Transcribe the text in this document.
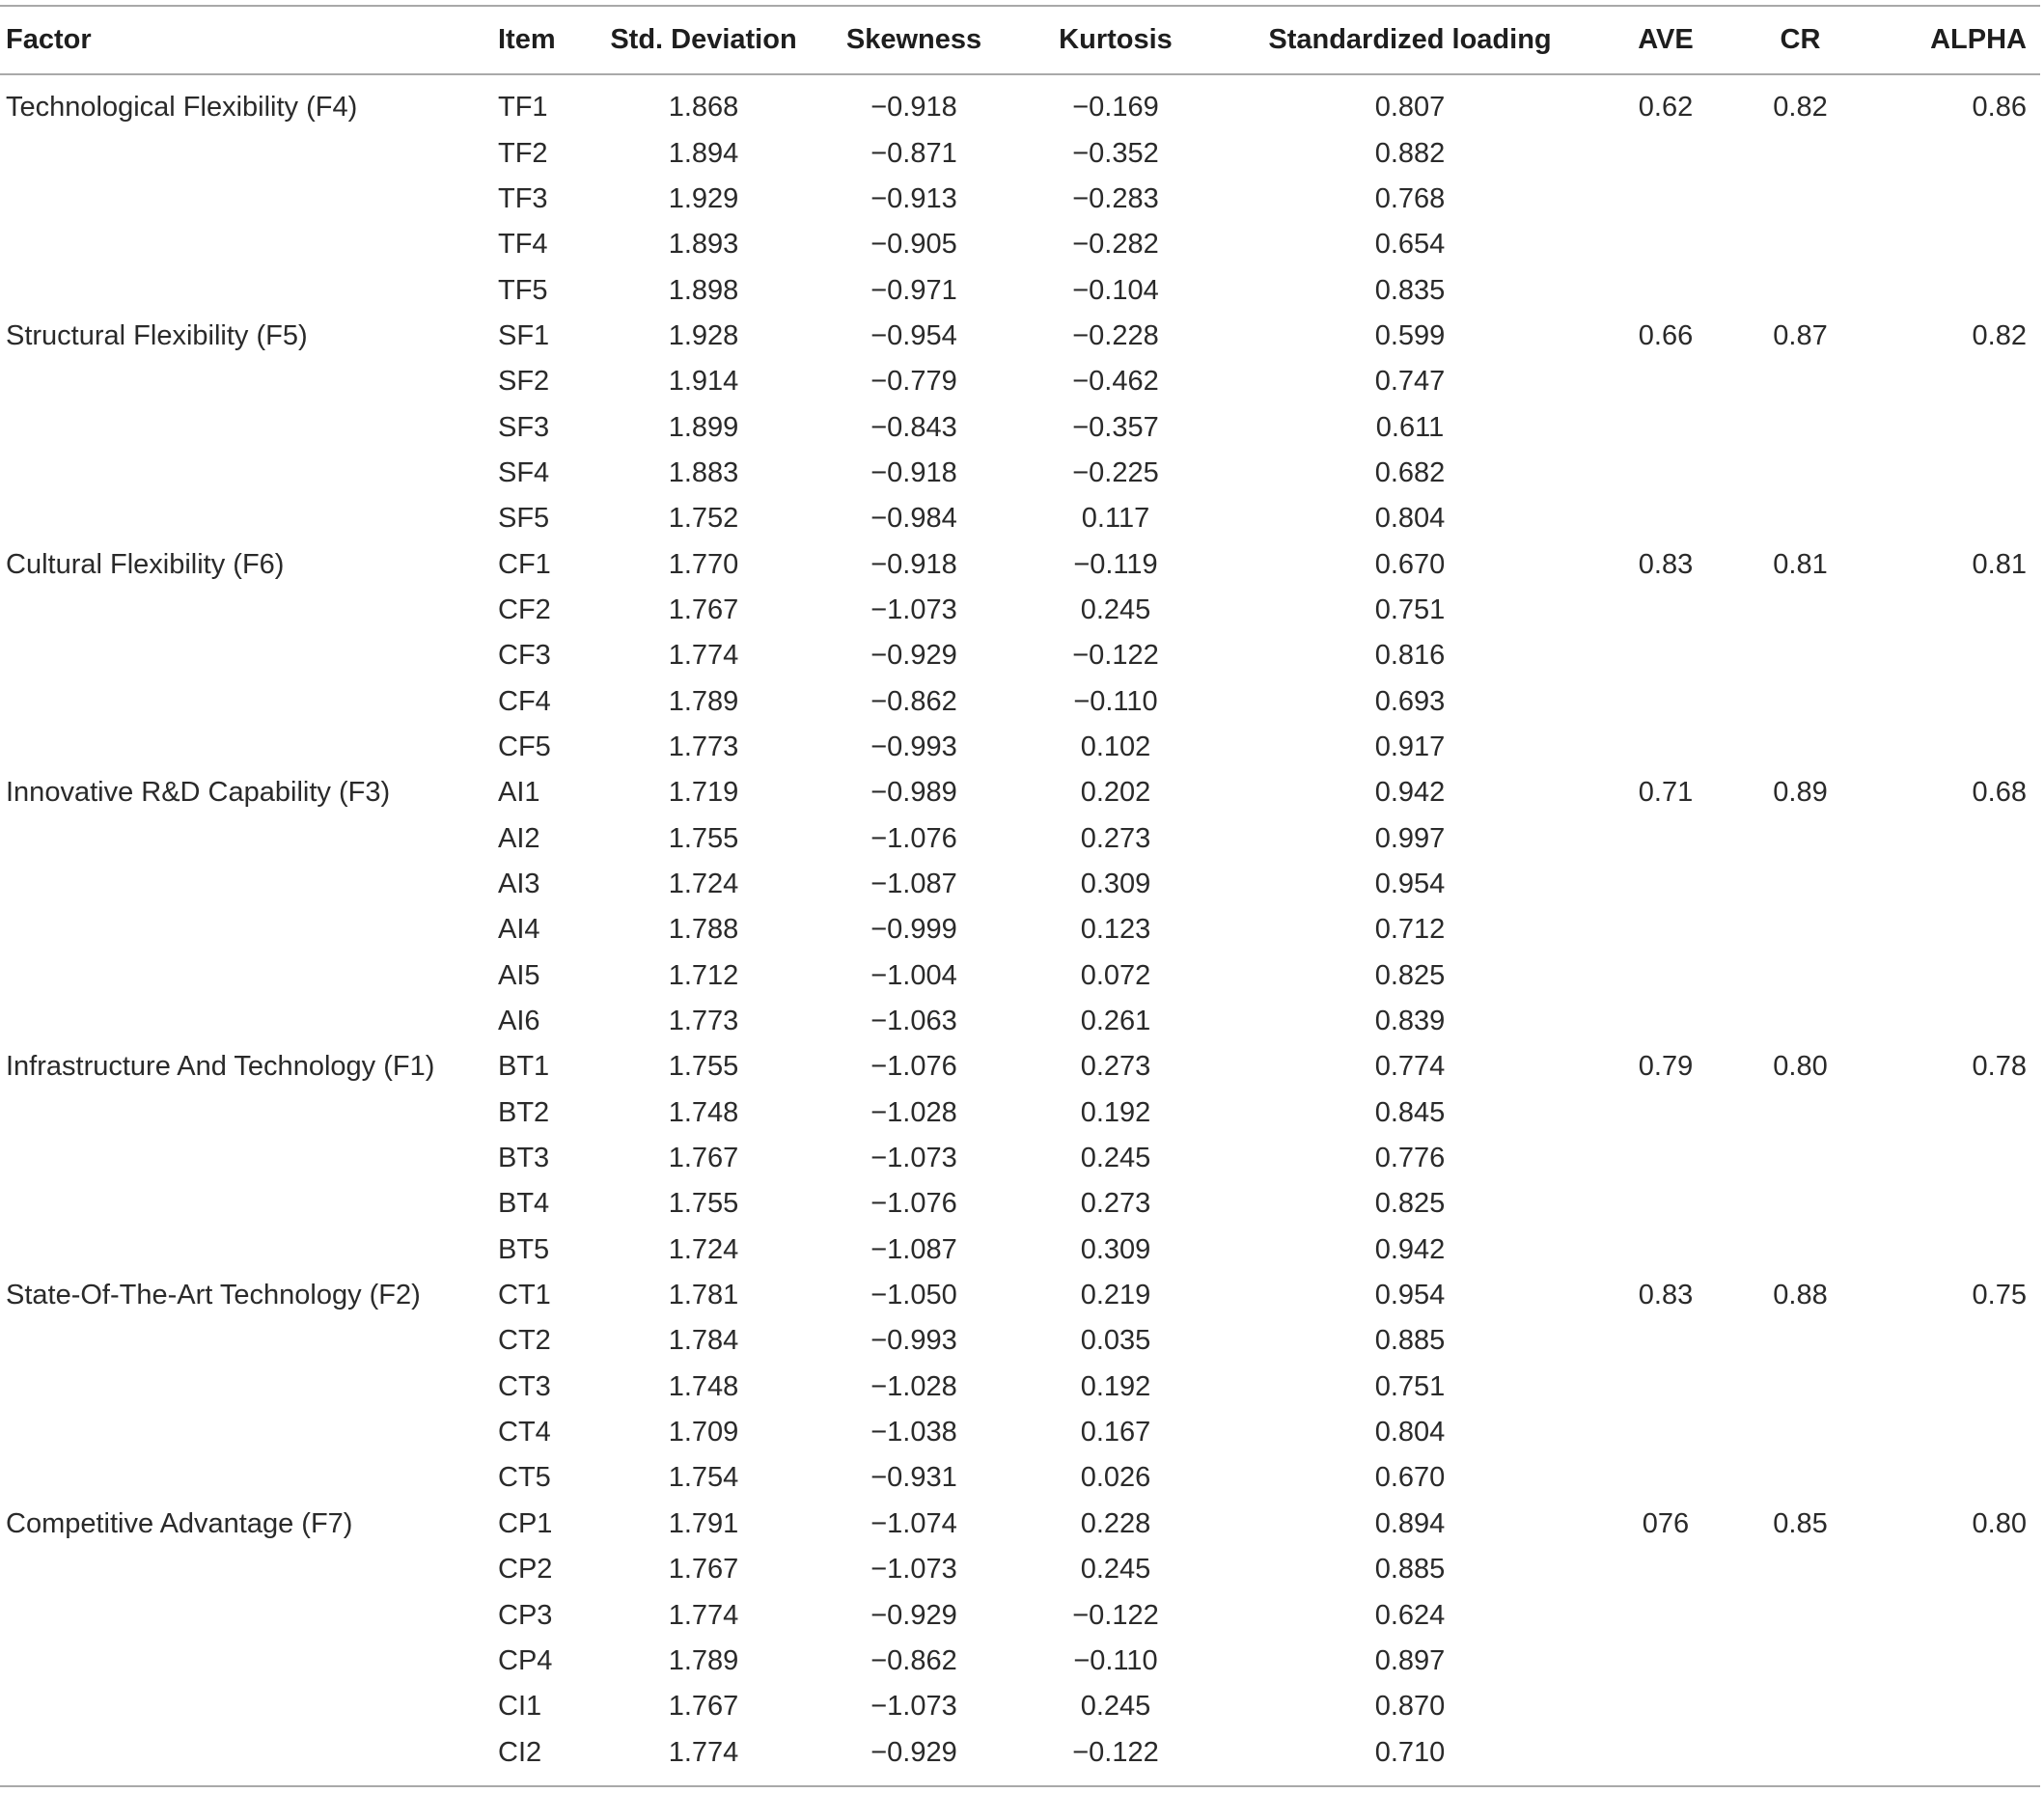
Factor	Item	Std. Deviation	Skewness	Kurtosis	Standardized loading	AVE	CR	ALPHA
Technological Flexibility (F4)	TF1	1.868	−0.918	−0.169	0.807	0.62	0.82	0.86
	TF2	1.894	−0.871	−0.352	0.882			
	TF3	1.929	−0.913	−0.283	0.768			
	TF4	1.893	−0.905	−0.282	0.654			
	TF5	1.898	−0.971	−0.104	0.835			
Structural Flexibility (F5)	SF1	1.928	−0.954	−0.228	0.599	0.66	0.87	0.82
	SF2	1.914	−0.779	−0.462	0.747			
	SF3	1.899	−0.843	−0.357	0.611			
	SF4	1.883	−0.918	−0.225	0.682			
	SF5	1.752	−0.984	0.117	0.804			
Cultural Flexibility (F6)	CF1	1.770	−0.918	−0.119	0.670	0.83	0.81	0.81
	CF2	1.767	−1.073	0.245	0.751			
	CF3	1.774	−0.929	−0.122	0.816			
	CF4	1.789	−0.862	−0.110	0.693			
	CF5	1.773	−0.993	0.102	0.917			
Innovative R&D Capability (F3)	AI1	1.719	−0.989	0.202	0.942	0.71	0.89	0.68
	AI2	1.755	−1.076	0.273	0.997			
	AI3	1.724	−1.087	0.309	0.954			
	AI4	1.788	−0.999	0.123	0.712			
	AI5	1.712	−1.004	0.072	0.825			
	AI6	1.773	−1.063	0.261	0.839			
Infrastructure And Technology (F1)	BT1	1.755	−1.076	0.273	0.774	0.79	0.80	0.78
	BT2	1.748	−1.028	0.192	0.845			
	BT3	1.767	−1.073	0.245	0.776			
	BT4	1.755	−1.076	0.273	0.825			
	BT5	1.724	−1.087	0.309	0.942			
State-Of-The-Art Technology (F2)	CT1	1.781	−1.050	0.219	0.954	0.83	0.88	0.75
	CT2	1.784	−0.993	0.035	0.885			
	CT3	1.748	−1.028	0.192	0.751			
	CT4	1.709	−1.038	0.167	0.804			
	CT5	1.754	−0.931	0.026	0.670			
Competitive Advantage (F7)	CP1	1.791	−1.074	0.228	0.894	076	0.85	0.80
	CP2	1.767	−1.073	0.245	0.885			
	CP3	1.774	−0.929	−0.122	0.624			
	CP4	1.789	−0.862	−0.110	0.897			
	CI1	1.767	−1.073	0.245	0.870			
	CI2	1.774	−0.929	−0.122	0.710			
